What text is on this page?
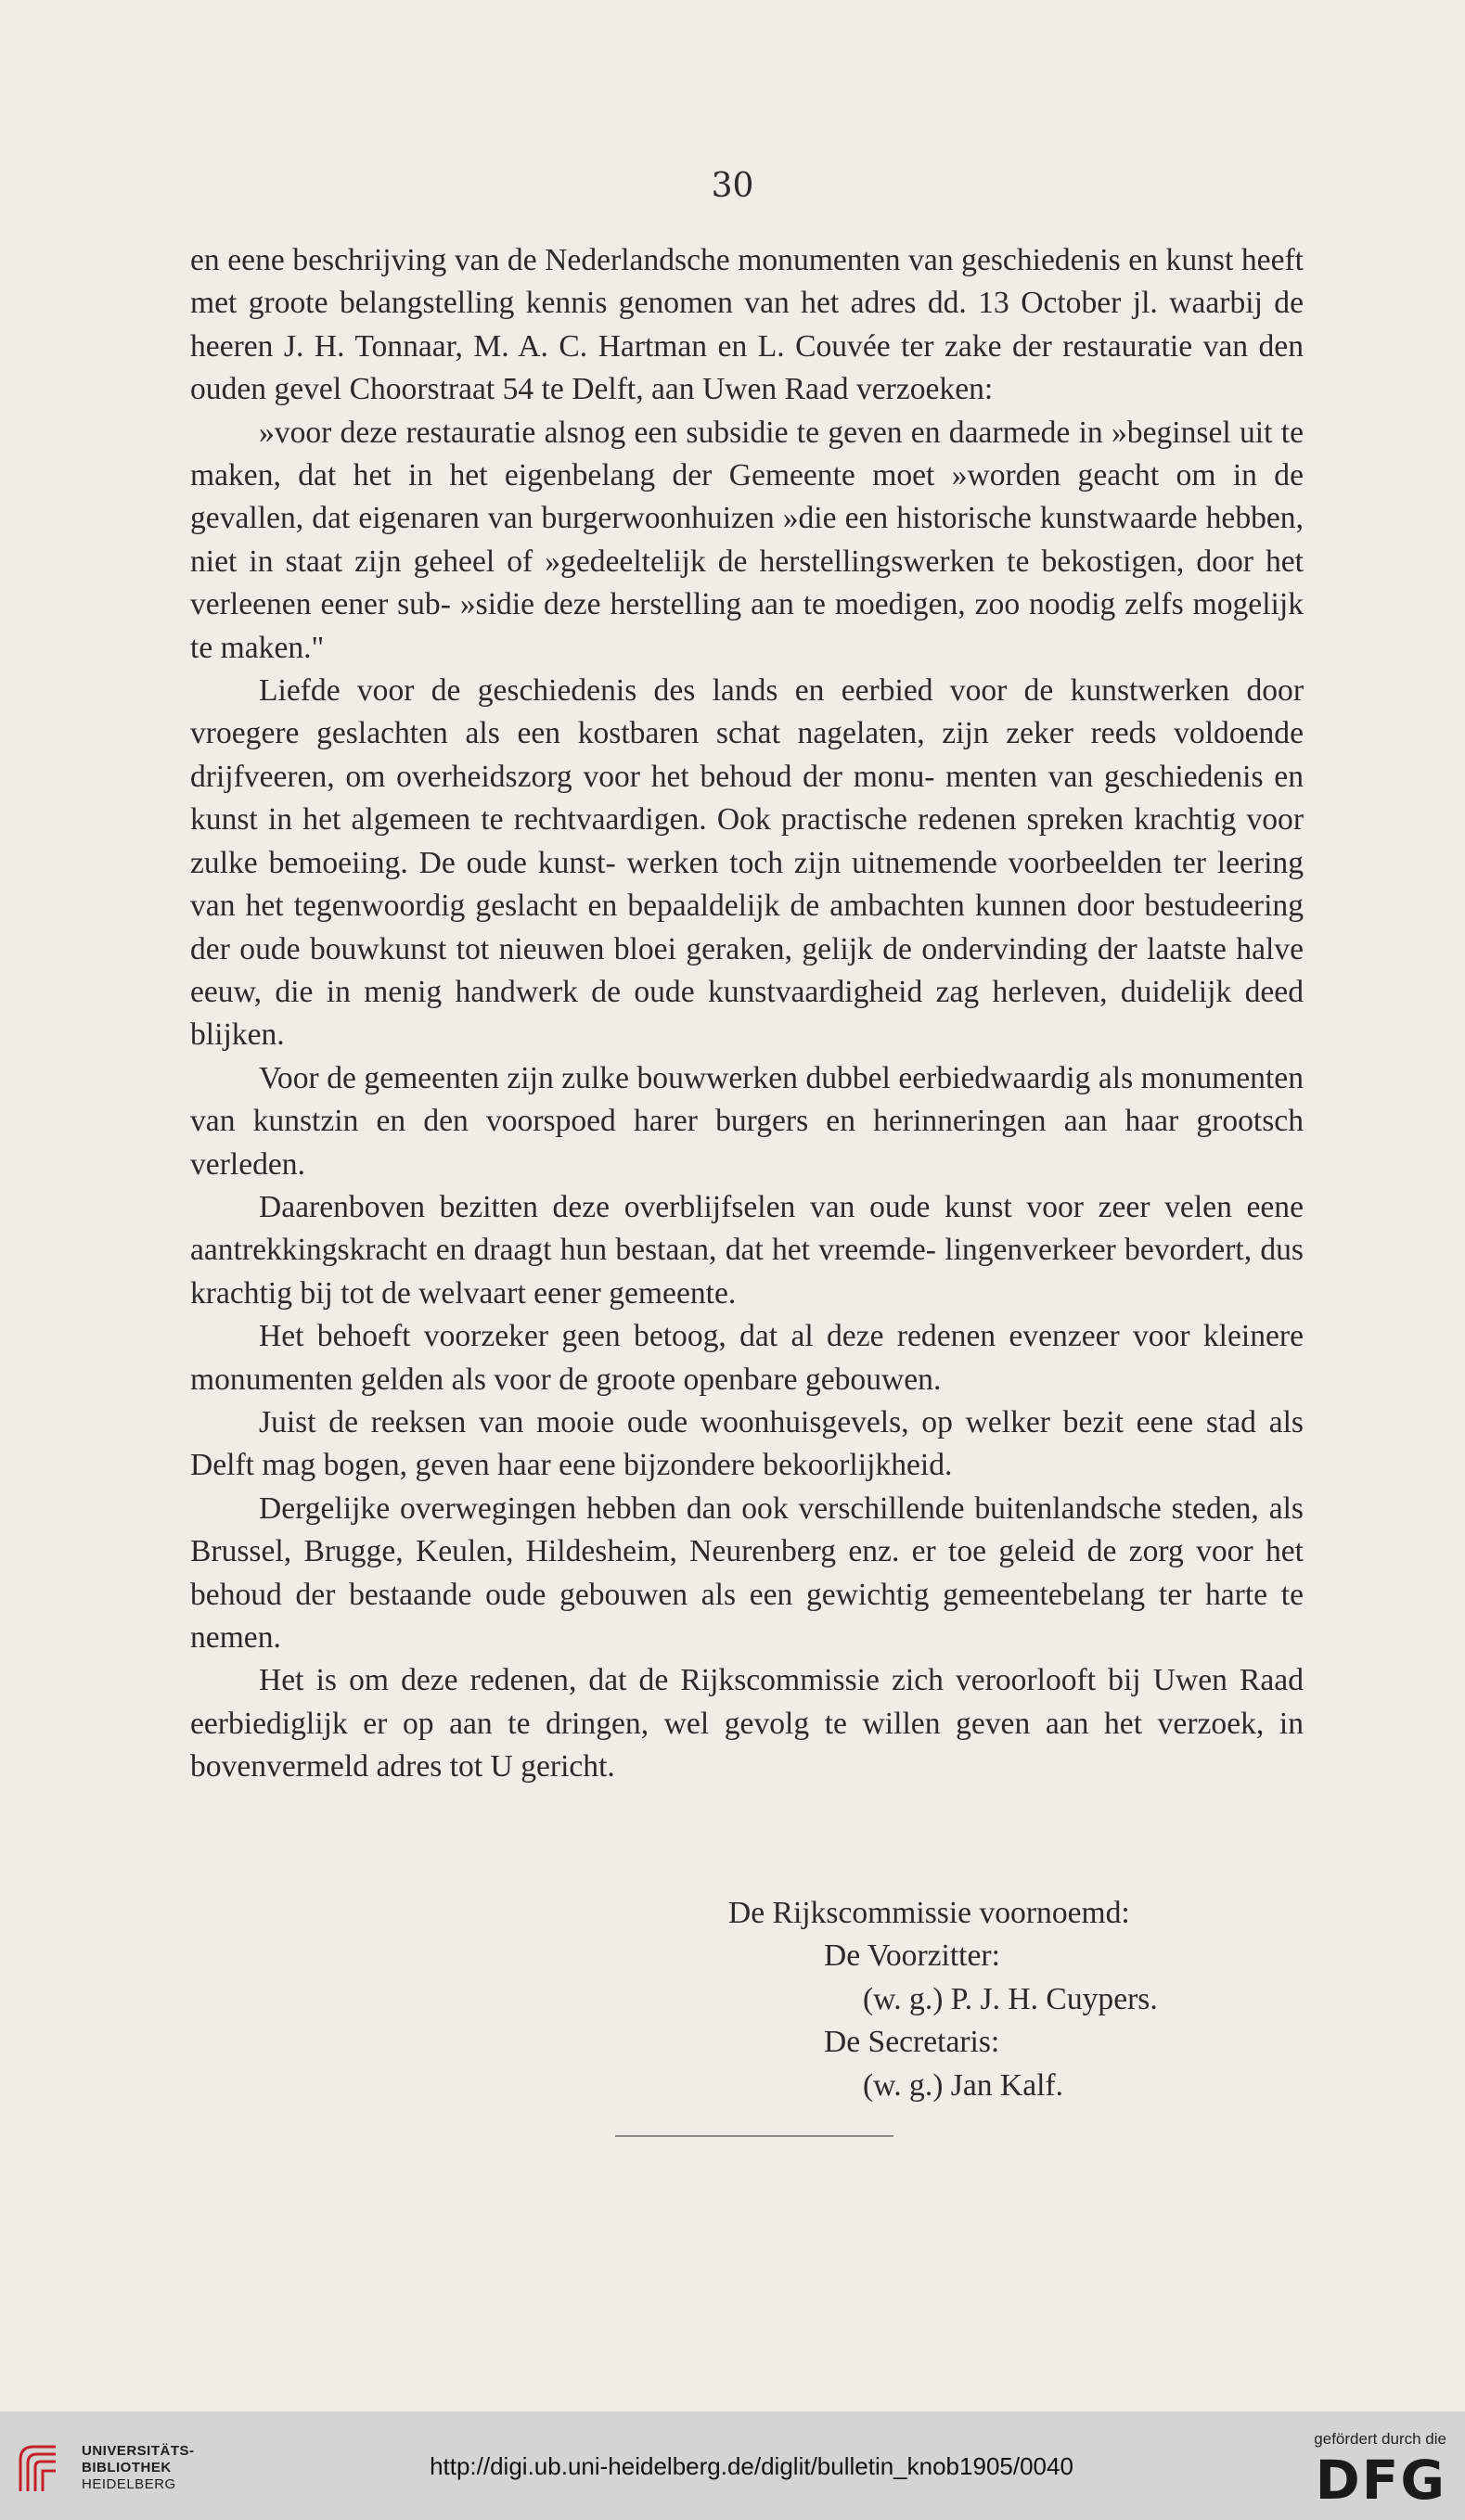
30

en eene beschrijving van de Nederlandsche monumenten van geschiedenis en kunst heeft met groote belangstelling kennis genomen van het adres dd. 13 October jl. waarbij de heeren J. H. Tonnaar, M. A. C. Hartman en L. Couvée ter zake der restauratie van den ouden gevel Choorstraat 54 te Delft, aan Uwen Raad verzoeken:

»voor deze restauratie alsnog een subsidie te geven en daarmede in »beginsel uit te maken, dat het in het eigenbelang der Gemeente moet »worden geacht om in de gevallen, dat eigenaren van burgerwoonhuizen »die een historische kunstwaarde hebben, niet in staat zijn geheel of »gedeeltelijk de herstellingswerken te bekostigen, door het verleenen eener sub- »sidie deze herstelling aan te moedigen, zoo noodig zelfs mogelijk te maken."

Liefde voor de geschiedenis des lands en eerbied voor de kunstwerken door vroegere geslachten als een kostbaren schat nagelaten, zijn zeker reeds voldoende drijfveeren, om overheidszorg voor het behoud der monu- menten van geschiedenis en kunst in het algemeen te rechtvaardigen. Ook practische redenen spreken krachtig voor zulke bemoeiing. De oude kunst- werken toch zijn uitnemende voorbeelden ter leering van het tegenwoordig geslacht en bepaaldelijk de ambachten kunnen door bestudeering der oude bouwkunst tot nieuwen bloei geraken, gelijk de ondervinding der laatste halve eeuw, die in menig handwerk de oude kunstvaardigheid zag herleven, duidelijk deed blijken.

Voor de gemeenten zijn zulke bouwwerken dubbel eerbiedwaardig als monumenten van kunstzin en den voorspoed harer burgers en herinneringen aan haar grootsch verleden.

Daarenboven bezitten deze overblijfselen van oude kunst voor zeer velen eene aantrekkingskracht en draagt hun bestaan, dat het vreemde- lingenverkeer bevordert, dus krachtig bij tot de welvaart eener gemeente.

Het behoeft voorzeker geen betoog, dat al deze redenen evenzeer voor kleinere monumenten gelden als voor de groote openbare gebouwen.

Juist de reeksen van mooie oude woonhuisgevels, op welker bezit eene stad als Delft mag bogen, geven haar eene bijzondere bekoorlijkheid.

Dergelijke overwegingen hebben dan ook verschillende buitenlandsche steden, als Brussel, Brugge, Keulen, Hildesheim, Neurenberg enz. er toe geleid de zorg voor het behoud der bestaande oude gebouwen als een gewichtig gemeentebelang ter harte te nemen.

Het is om deze redenen, dat de Rijkscommissie zich veroorlooft bij Uwen Raad eerbiediglijk er op aan te dringen, wel gevolg te willen geven aan het verzoek, in bovenvermeld adres tot U gericht.

De Rijkscommissie voornoemd:
De Voorzitter:
(w. g.) P. J. H. Cuypers.
De Secretaris:
(w. g.) Jan Kalf.
UNIVERSITÄTS-
BIBLIOTHEK
HEIDELBERG
http://digi.ub.uni-heidelberg.de/diglit/bulletin_knob1905/0040
gefördert durch die
DFG
